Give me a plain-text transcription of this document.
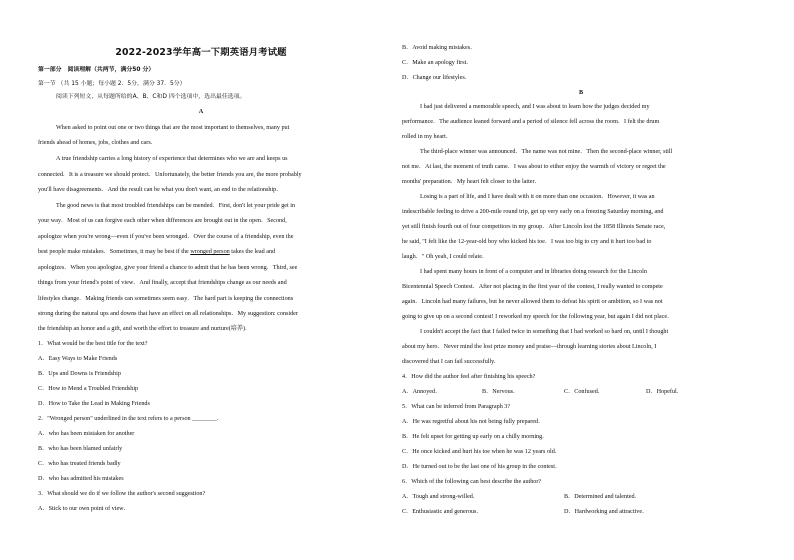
2022-2023学年高一下期英语月考试题
第一部分　阅读理解（共两节，满分50 分）
第一节 （共 15 小题；每小题 2．5分，满分 37．5分）
阅读下列短文，从每题所给的A、B、C和D 四个选项中，选出最佳选项。
A
When asked to point out one or two things that are the most important to themselves, many put
friends ahead of homes, jobs, clothes and cars.
A true friendship carries a long history of experience that determines who we are and keeps us
connected．It is a treasure we should protect．Unfortunately, the better friends you are, the more probably
you'll have disagreements．And the result can be what you don't want, an end to the relationship．
The good news is that most troubled friendships can be mended．First, don't let your pride get in
your way．Most of us can forgive each other when differences are brought out in the open．Second,
apologize when you're wrong—even if you've been wronged．Over the course of a friendship, even the
best people make mistakes．Sometimes, it may be best if the wronged person takes the lead and
apologizes．When you apologize, give your friend a chance to admit that he has been wrong．Third, see
things from your friend's point of view．And finally, accept that friendships change as our needs and
lifestyles change．Making friends can sometimes seem easy．The hard part is keeping the connections
strong during the natural ups and downs that have an effect on all relationships．My suggestion: consider
the friendship an honor and a gift, and worth the effort to treasure and nurture(培养).
1．What would be the best title for the text?
A．Easy Ways to Make Friends
B．Ups and Downs is Friendship
C．How to Mend a Troubled Friendship
D．How to Take the Lead in Making Friends
2．"Wronged person" underlined in the text refers to a person ________．
A．who has been mistaken for another
B．who has been blamed unfairly
C．who has treated friends badly
D．who has admitted his mistakes
3．What should we do if we follow the author's second suggestion?
A．Stick to our own point of view．
B．Avoid making mistakes．
C．Make an apology first．
D．Change our lifestyles．
B
I had just delivered a memorable speech, and I was about to learn how the judges decided my
performance．The audience leaned forward and a period of silence fell across the room．I felt the drum
rolled in my heart．
The third-place winner was announced．The name was not mine．Then the second-place winner, still
not me．At last, the moment of truth came．I was about to either enjoy the warmth of victory or regret the
months' preparation．My heart felt closer to the latter．
Losing is a part of life, and I have dealt with it on more than one occasion．However, it was an
indescribable feeling to drive a 200-mile round trip, get up very early on a freezing Saturday morning, and
yet still finish fourth out of four competitors in my group．After Lincoln lost the 1858 Illinois Senate race,
he said, "I felt like the 12-year-old boy who kicked his toe．I was too big to cry and it hurt too bad to
laugh．" Oh yeah, I could relate．
I had spent many hours in front of a computer and in libraries doing research for the Lincoln
Bicentennial Speech Contest．After not placing in the first year of the contest, I really wanted to compete
again．Lincoln had many failures, but he never allowed them to defeat his spirit or ambition, so I was not
going to give up on a second contest! I reworked my speech for the following year, but again I did not place．
I couldn't accept the fact that I failed twice in something that I had worked so hard on, until I thought
about my hero．Never mind the lost prize money and praise—through learning stories about Lincoln, I
discovered that I can fail successfully.
4．How did the author feel after finishing his speech?
A．Annoyed．	B．Nervous．	C．Confused．	D．Hopeful．
5．What can be inferred from Paragraph 3?
A．He was regretful about his not being fully prepared．
B．He felt upset for getting up early on a chilly morning．
C．He once kicked and hurt his toe when he was 12 years old．
D．He turned out to be the last one of his group in the contest．
6．Which of the following can best describe the author?
A．Tough and strong-willed．	B．Determined and talented．
C．Enthusiastic and generous．	D．Hardworking and attractive．
